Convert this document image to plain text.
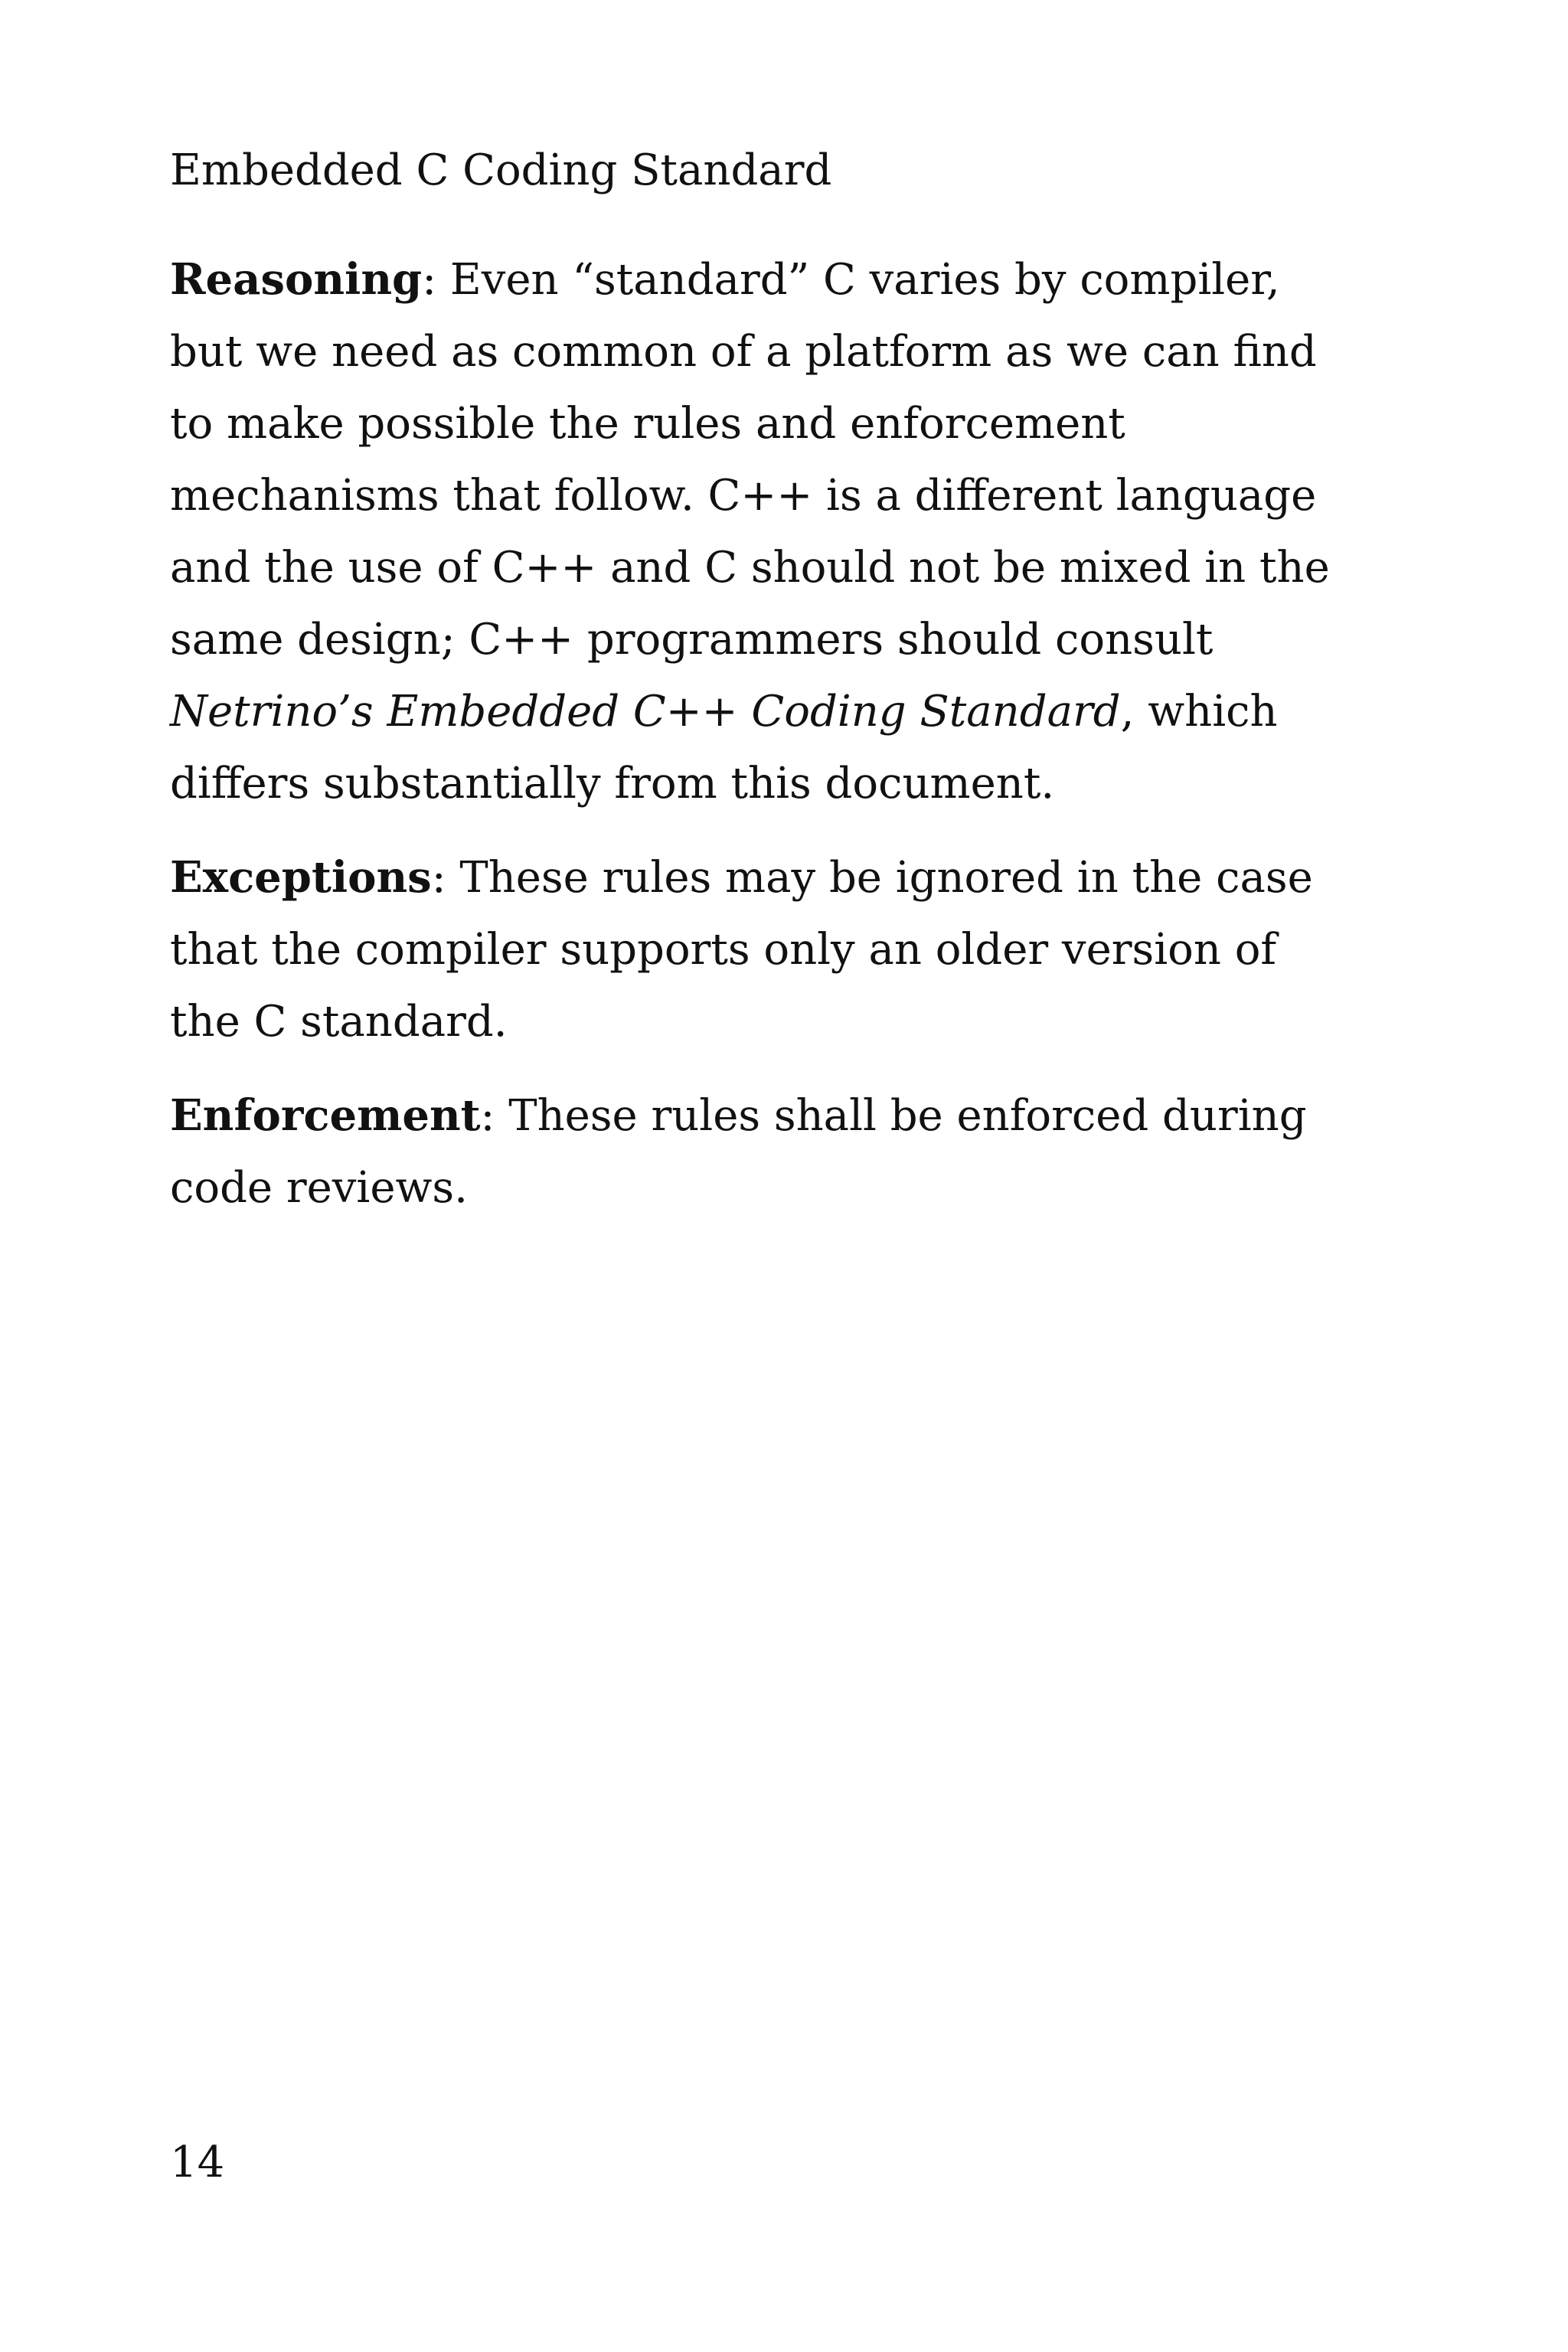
Embedded C Coding Standard

Reasoning: Even “standard” C varies by compiler, but we need as common of a platform as we can find to make possible the rules and enforcement mechanisms that follow. C++ is a different language and the use of C++ and C should not be mixed in the same design; C++ programmers should consult Netrino’s Embedded C++ Coding Standard, which differs substantially from this document.

Exceptions: These rules may be ignored in the case that the compiler supports only an older version of the C standard.

Enforcement: These rules shall be enforced during code reviews.

14
